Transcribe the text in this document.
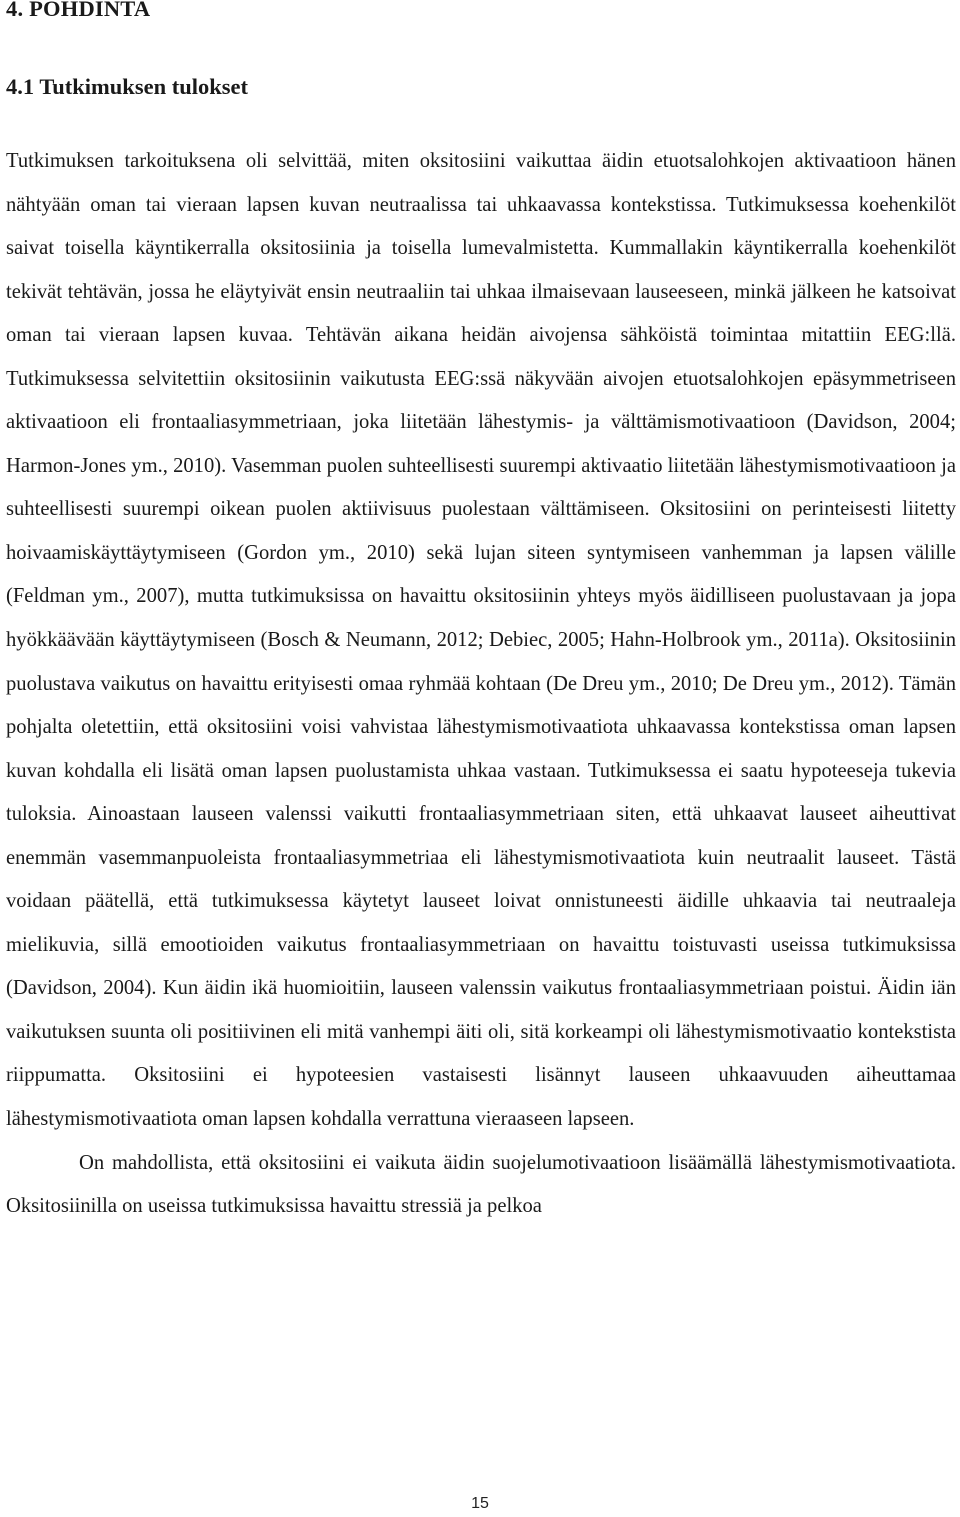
4. POHDINTA
4.1 Tutkimuksen tulokset

Tutkimuksen tarkoituksena oli selvittää, miten oksitosiini vaikuttaa äidin etuotsalohkojen aktivaatioon hänen nähtyään oman tai vieraan lapsen kuvan neutraalissa tai uhkaavassa kontekstissa. Tutkimuksessa koehenkilöt saivat toisella käyntikerralla oksitosiinia ja toisella lumevalmistetta. Kummallakin käyntikerralla koehenkilöt tekivät tehtävän, jossa he eläytyivät ensin neutraaliin tai uhkaa ilmaisevaan lauseeseen, minkä jälkeen he katsoivat oman tai vieraan lapsen kuvaa. Tehtävän aikana heidän aivojensa sähköistä toimintaa mitattiin EEG:llä. Tutkimuksessa selvitettiin oksitosiinin vaikutusta EEG:ssä näkyvään aivojen etuotsalohkojen epäsymmetriseen aktivaatioon eli frontaaliasymmetriaan, joka liitetään lähestymis- ja välttämismotivaatioon (Davidson, 2004; Harmon-Jones ym., 2010). Vasemman puolen suhteellisesti suurempi aktivaatio liitetään lähestymismotivaatioon ja suhteellisesti suurempi oikean puolen aktiivisuus puolestaan välttämiseen. Oksitosiini on perinteisesti liitetty hoivaamiskäyttäytymiseen (Gordon ym., 2010) sekä lujan siteen syntymiseen vanhemman ja lapsen välille (Feldman ym., 2007), mutta tutkimuksissa on havaittu oksitosiinin yhteys myös äidilliseen puolustavaan ja jopa hyökkäävään käyttäytymiseen (Bosch & Neumann, 2012; Debiec, 2005; Hahn-Holbrook ym., 2011a). Oksitosiinin puolustava vaikutus on havaittu erityisesti omaa ryhmää kohtaan (De Dreu ym., 2010; De Dreu ym., 2012). Tämän pohjalta oletettiin, että oksitosiini voisi vahvistaa lähestymismotivaatiota uhkaavassa kontekstissa oman lapsen kuvan kohdalla eli lisätä oman lapsen puolustamista uhkaa vastaan. Tutkimuksessa ei saatu hypoteeseja tukevia tuloksia. Ainoastaan lauseen valenssi vaikutti frontaaliasymmetriaan siten, että uhkaavat lauseet aiheuttivat enemmän vasemmanpuoleista frontaaliasymmetriaa eli lähestymismotivaatiota kuin neutraalit lauseet. Tästä voidaan päätellä, että tutkimuksessa käytetyt lauseet loivat onnistuneesti äidille uhkaavia tai neutraaleja mielikuvia, sillä emootioiden vaikutus frontaaliasymmetriaan on havaittu toistuvasti useissa tutkimuksissa (Davidson, 2004). Kun äidin ikä huomioitiin, lauseen valenssin vaikutus frontaaliasymmetriaan poistui. Äidin iän vaikutuksen suunta oli positiivinen eli mitä vanhempi äiti oli, sitä korkeampi oli lähestymismotivaatio kontekstista riippumatta. Oksitosiini ei hypoteesien vastaisesti lisännyt lauseen uhkaavuuden aiheuttamaa lähestymismotivaatiota oman lapsen kohdalla verrattuna vieraaseen lapseen.

On mahdollista, että oksitosiini ei vaikuta äidin suojelumotivaatioon lisäämällä lähestymismotivaatiota. Oksitosiinilla on useissa tutkimuksissa havaittu stressiä ja pelkoa

15
